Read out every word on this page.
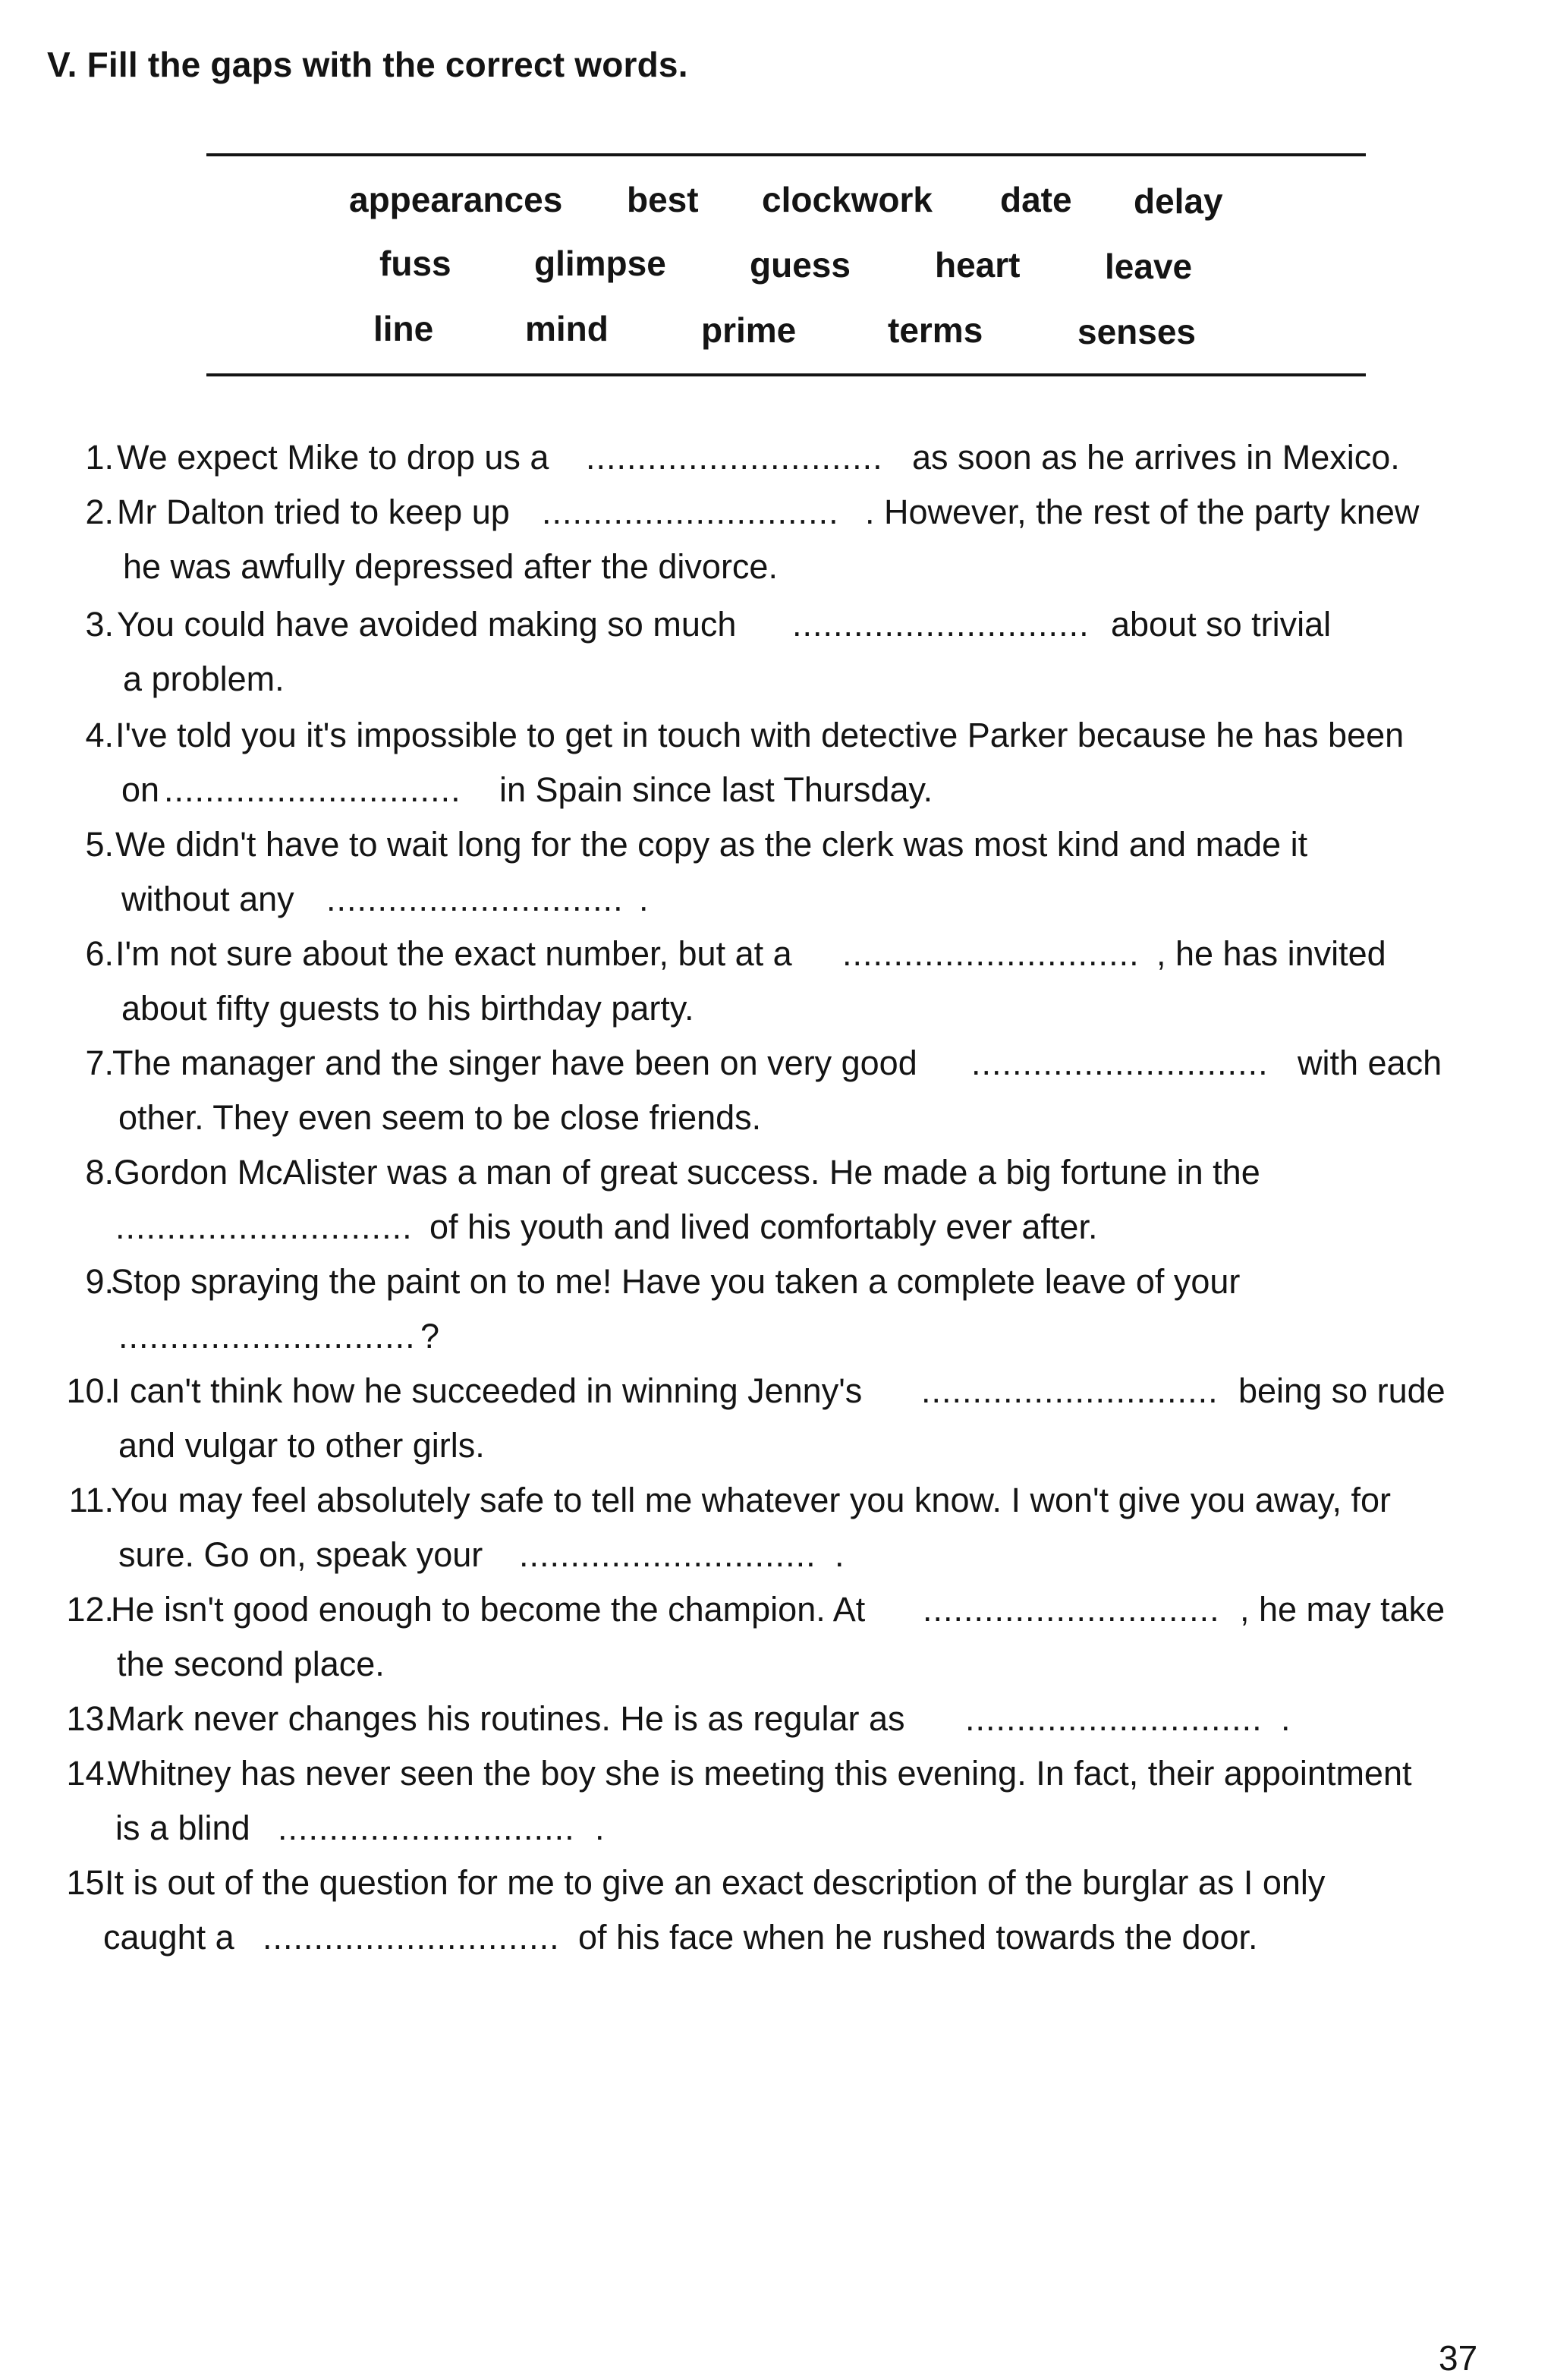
V. Fill the gaps with the correct words.
appearances best clockwork date delay
fuss glimpse guess heart leave
line	mind	prime	terms	senses
1. We expect Mike to drop us a ............................. as soon as he arrives in Mexico.
2. Mr Dalton tried to keep up ............................. . However, the rest of the party knew
he was awfully depressed after the divorce.
3. You could have avoided making so much ............................. about so trivial
a problem.
4. I've told you it's impossible to get in touch with detective Parker because he has been
on ............................. in Spain since last Thursday.
5. We didn't have to wait long for the copy as the clerk was most kind and made it
without any ............................. .
6. I'm not sure about the exact number, but at a ............................. , he has invited
about fifty guests to his birthday party.
7.
The manager and the singer have been on very good ............................. with each
other. They even seem to be close friends.
8. Gordon McAlister was a man of great success. He made a big fortune in the
............................. of his youth and lived comfortably ever after.
9.
Stop spraying the paint on to me! Have you taken a complete leave of your
............................. ?
10.
I can't think how he succeeded in winning Jenny's ............................. being so rude
and vulgar to other girls.
11.
You may feel absolutely safe to tell me whatever you know. I won't give you away, for
sure. Go on, speak your ............................. .
12.
He isn't good enough to become the champion. At ............................. , he may take
the second place.
13.
Mark never changes his routines. He is as regular as ............................. .
14.
Whitney has never seen the boy she is meeting this evening. In fact, their appointment
is a blind ............................. .
15.
It is out of the question for me to give an exact description of the burglar as I only
caught a ............................. of his face when he rushed towards the door.
37
